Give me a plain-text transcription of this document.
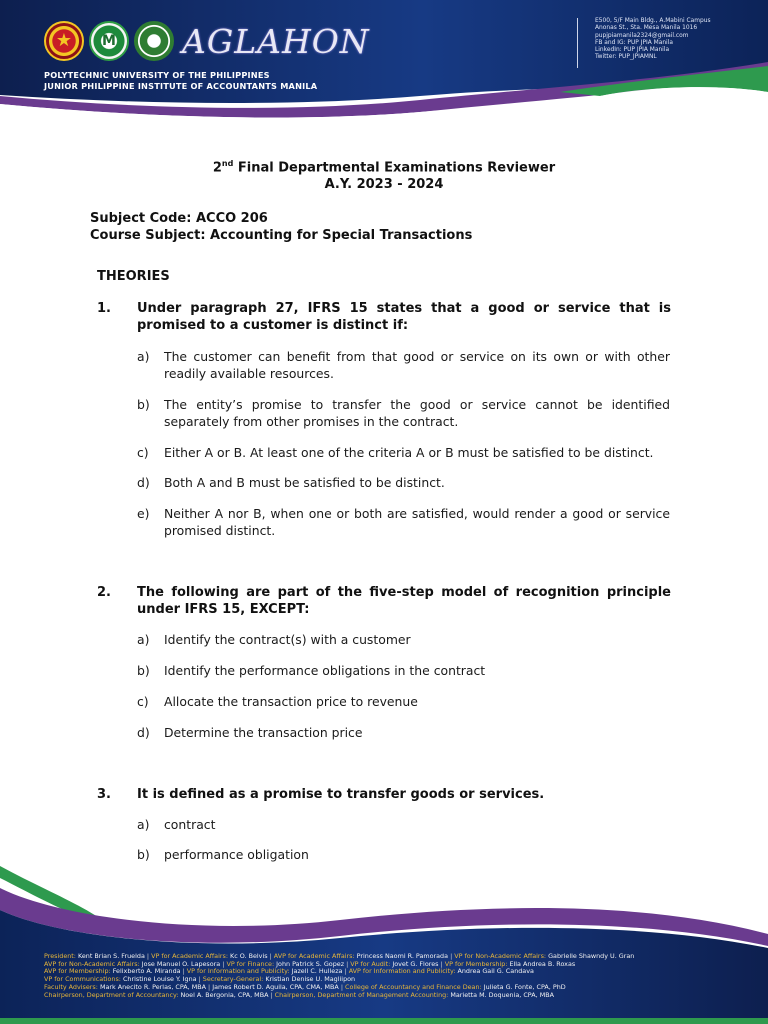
★
M
AGLAHON
POLYTECHNIC UNIVERSITY OF THE PHILIPPINES
JUNIOR PHILIPPINE INSTITUTE OF ACCOUNTANTS MANILA
E500, 5/F Main Bldg., A.Mabini Campus
Anonas St., Sta. Mesa Manila 1016
pupjpiamanila2324@gmail.com
FB and IG: PUP JPIA Manila
LinkedIn: PUP JPIA Manila
Twitter: PUP_JPIAMNL
2nd Final Departmental Examinations Reviewer
A.Y. 2023 - 2024
Subject Code: ACCO 206
Course Subject: Accounting for Special Transactions
THEORIES
1. Under paragraph 27, IFRS 15 states that a good or service that is promised to a customer is distinct if:
a) The customer can benefit from that good or service on its own or with other readily available resources.
b) The entity’s promise to transfer the good or service cannot be identified separately from other promises in the contract.
c) Either A or B. At least one of the criteria A or B must be satisfied to be distinct.
d) Both A and B must be satisfied to be distinct.
e) Neither A nor B, when one or both are satisfied, would render a good or service promised distinct.
2. The following are part of the five-step model of recognition principle under IFRS 15, EXCEPT:
a) Identify the contract(s) with a customer
b) Identify the performance obligations in the contract
c) Allocate the transaction price to revenue
d) Determine the transaction price
3. It is defined as a promise to transfer goods or services.
a) contract
b) performance obligation
President: Kent Brian S. Fruelda | VP for Academic Affairs: Kc O. Belvis | AVP for Academic Affairs: Princess Naomi R. Pamorada | VP for Non-Academic Affairs: Gabrielle Shawndy U. Gran
AVP for Non-Academic Affairs: Jose Manuel O. Lapesora | VP for Finance: John Patrick S. Gopez | VP for Audit: Jovet G. Flores | VP for Membership: Ella Andrea B. Roxas
AVP for Membership: Felixberto A. Miranda | VP for Information and Publicity: Jazell C. Hulleza | AVP for Information and Publicity: Andrea Gail G. Candava
VP for Communications: Christine Louise Y. Igna | Secretary-General: Kristian Denise U. Magliipon
Faculty Advisers: Mark Anecito R. Perlas, CPA, MBA | James Robert D. Aguila, CPA, CMA, MBA | College of Accountancy and Finance Dean: Julieta G. Fonte, CPA, PhD
Chairperson, Department of Accountancy: Noel A. Bergonia, CPA, MBA | Chairperson, Department of Management Accounting: Marietta M. Doquenia, CPA, MBA
